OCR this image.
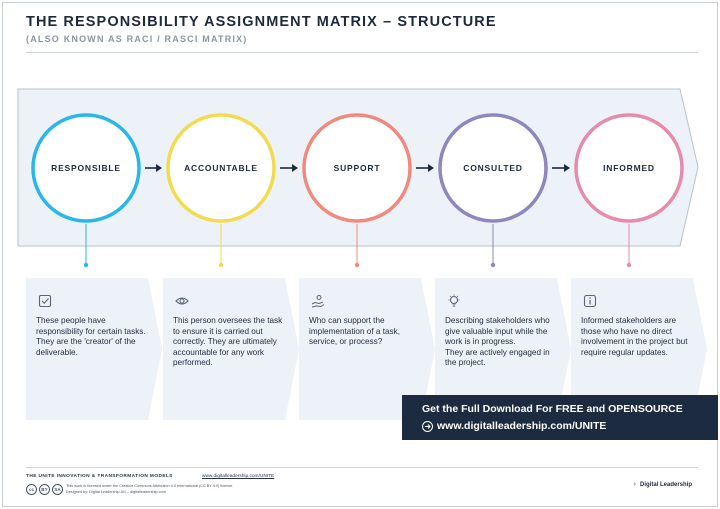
THE RESPONSIBILITY ASSIGNMENT MATRIX – STRUCTURE
(ALSO KNOWN AS RACI / RASCI MATRIX)
RESPONSIBLE	ACCOUNTABLE	SUPPORT	CONSULTED	INFORMED
These people have responsibility for certain tasks. They are the 'creator' of the deliverable.
This person oversees the task to ensure it is carried out correctly. They are ultimately accountable for any work performed.
Who can support the implementation of a task, service, or process?
Describing stakeholders who give valuable input while the work is in progress.
They are actively engaged in the project.
Informed stakeholders are those who have no direct involvement in the project but require regular updates.
Get the Full Download For FREE and OPENSOURCE
www.digitalleadership.com/UNITE
THE UNITE INNOVATION & TRANSFORMATION MODELS	www.digitalleadership.com/UNITE
cc	BY	SA
This work is licensed under the Creative Commons Attribution 4.0 International (CC BY 4.0) license.
Designed by: Digital Leadership AG – digitalleadership.com
› Digital Leadership
